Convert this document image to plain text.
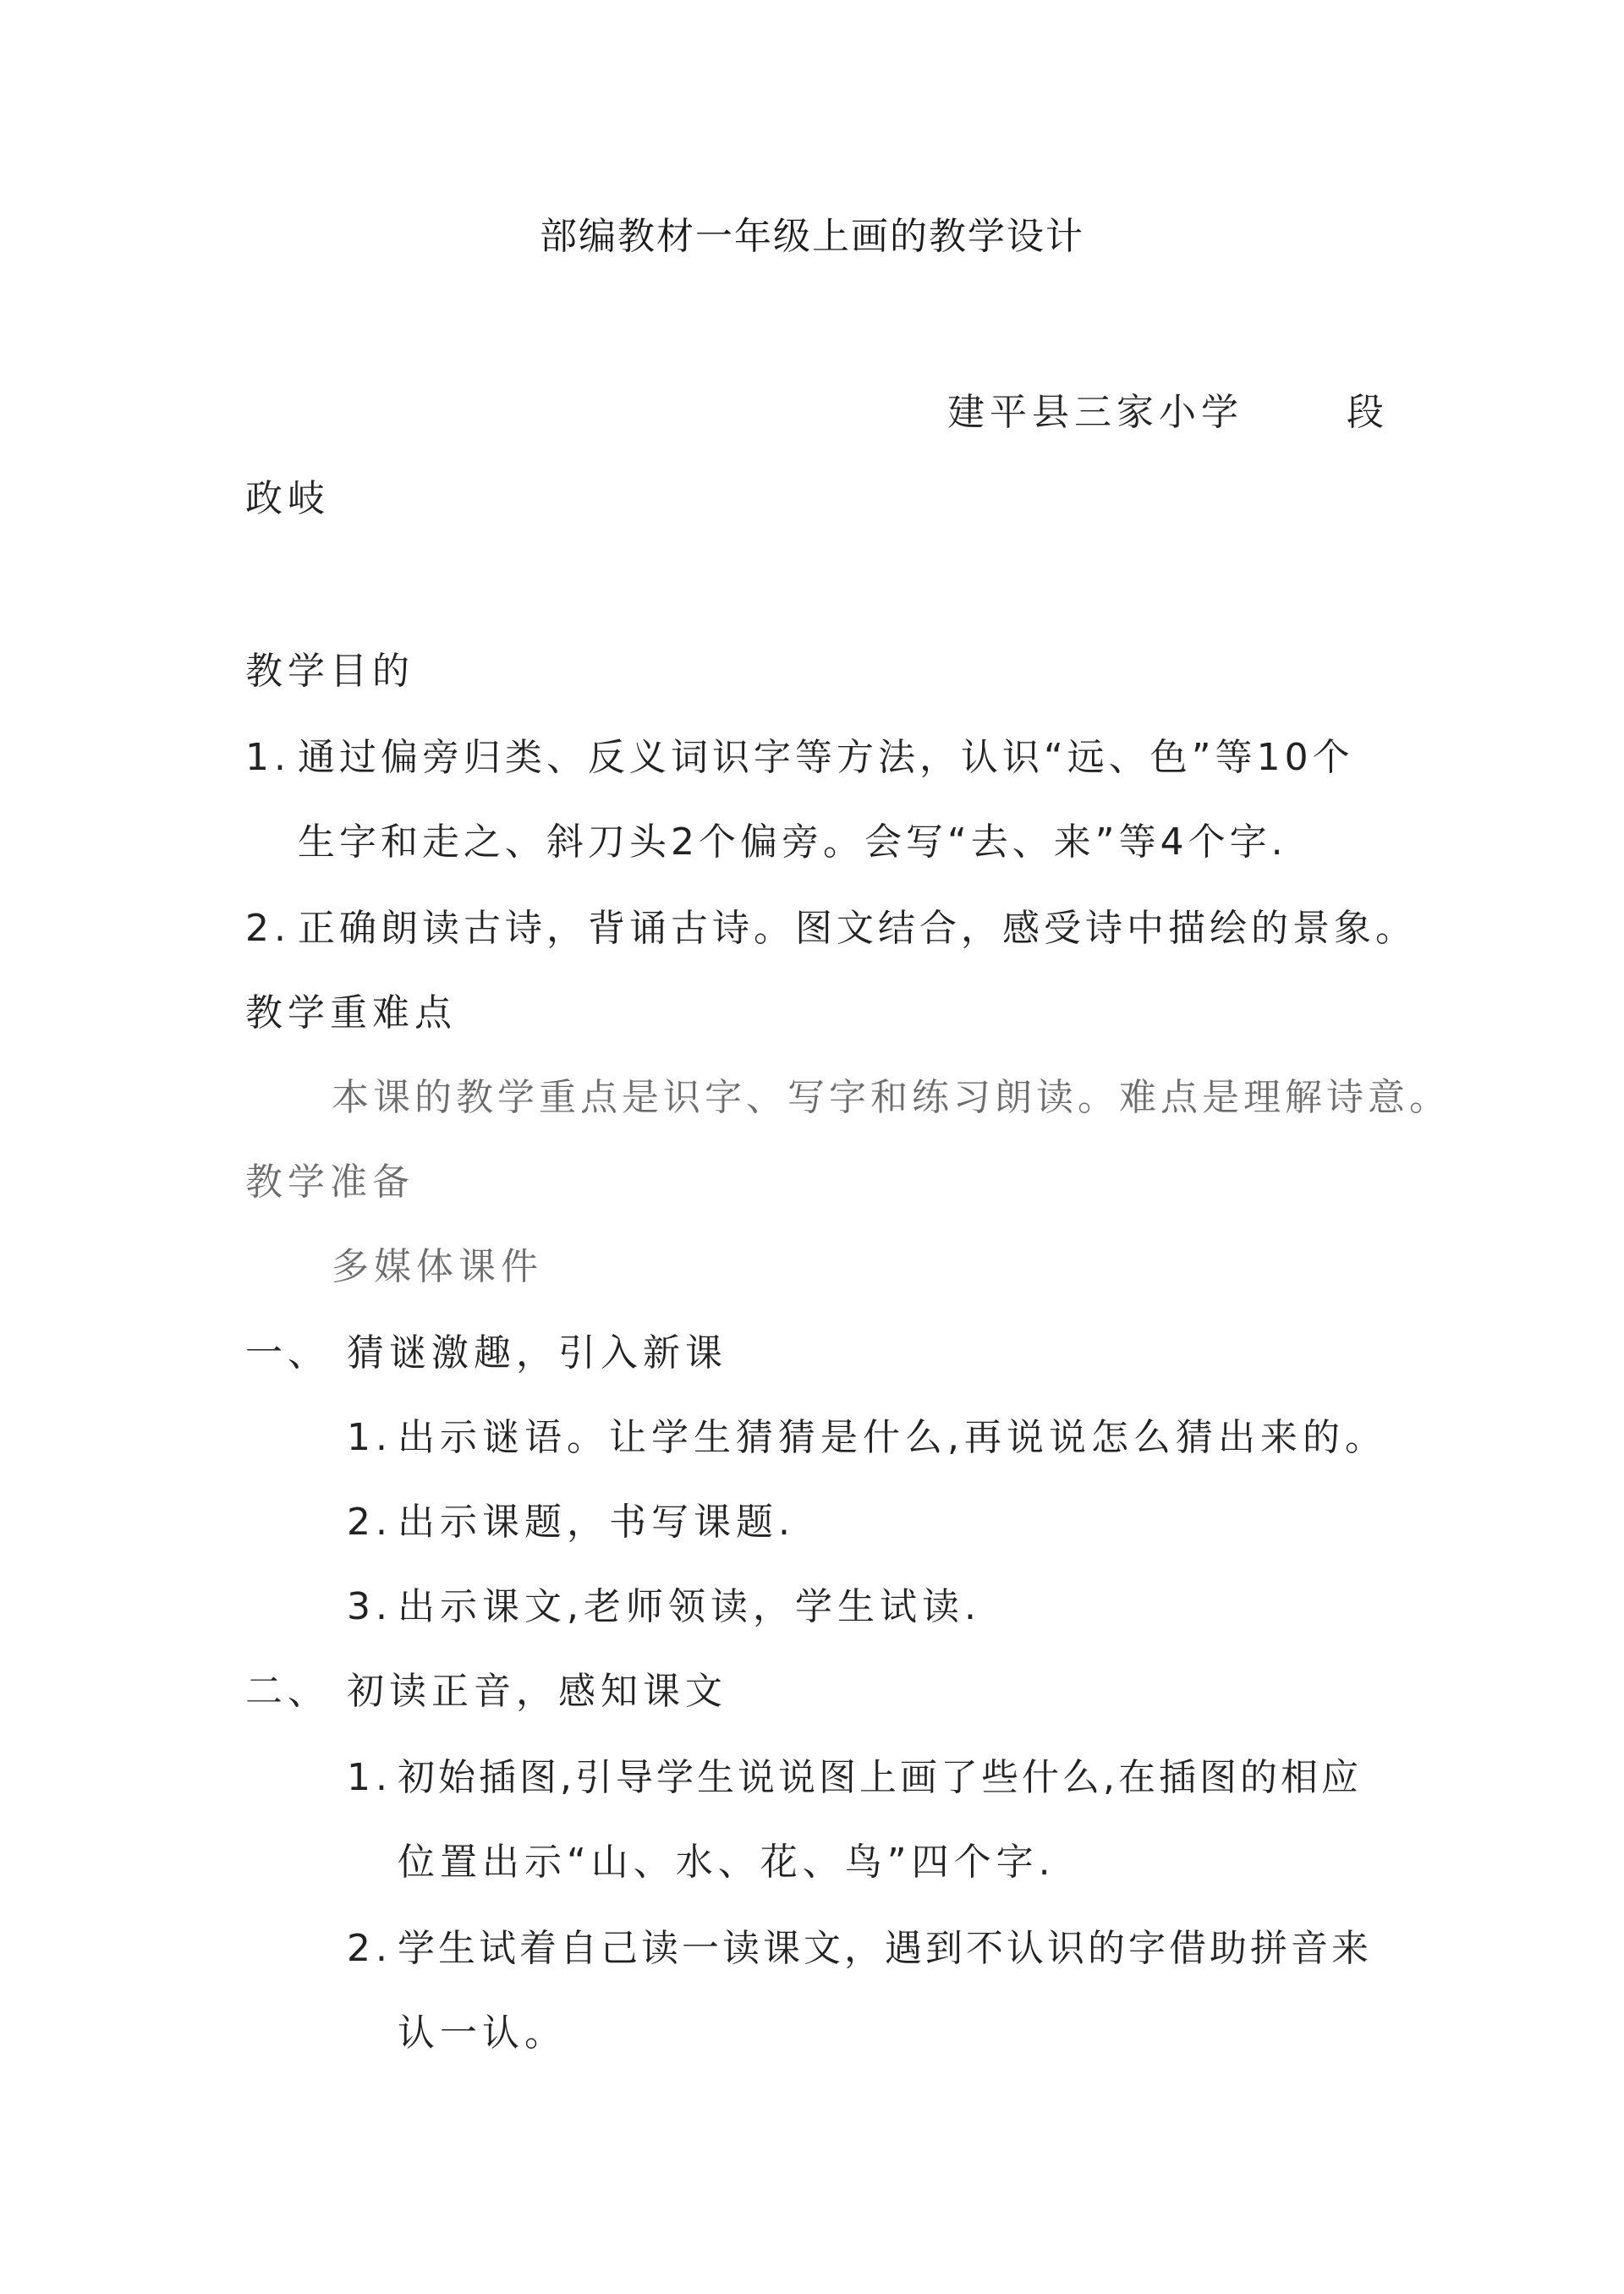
部编教材一年级上画的教学设计
建平县三家小学	段
政岐
教学目的
1. 通过偏旁归类、反义词识字等方法，认识“远、色”等10个
生字和走之、斜刀头2个偏旁。会写“去、来”等4个字.
2. 正确朗读古诗，背诵古诗。图文结合，感受诗中描绘的景象。
教学重难点
本课的教学重点是识字、写字和练习朗读。难点是理解诗意。
教学准备
多媒体课件
一、 猜谜激趣，引入新课
1. 出示谜语。让学生猜猜是什么,再说说怎么猜出来的。
2. 出示课题，书写课题.
3. 出示课文,老师领读，学生试读.
二、 初读正音，感知课文
1. 初始插图,引导学生说说图上画了些什么,在插图的相应
位置出示“山、水、花、鸟”四个字.
2. 学生试着自己读一读课文，遇到不认识的字借助拼音来
认一认。
